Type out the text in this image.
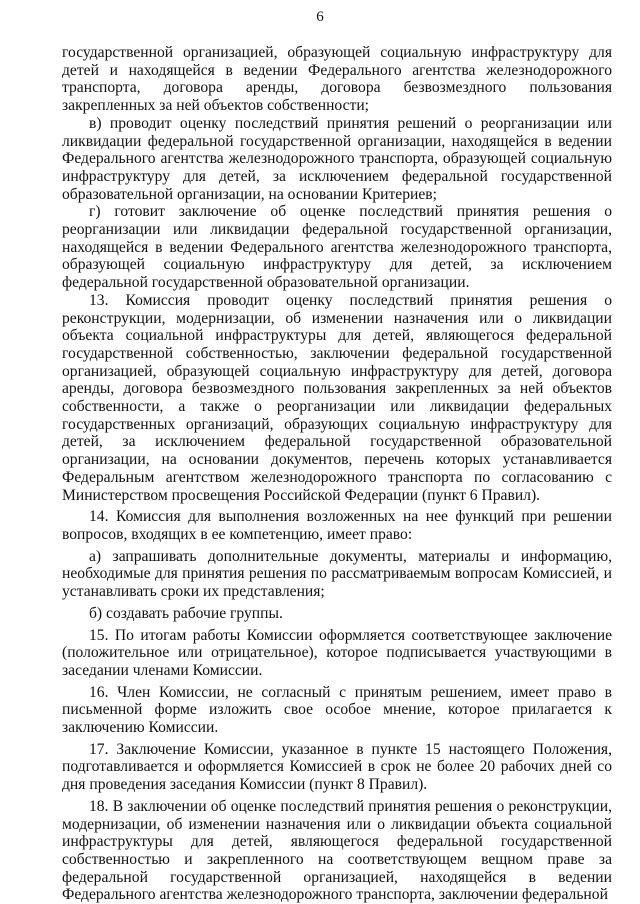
6

государственной организацией, образующей социальную инфраструктуру для детей и находящейся в ведении Федерального агентства железнодорожного транспорта, договора аренды, договора безвозмездного пользования закрепленных за ней объектов собственности;

в) проводит оценку последствий принятия решений о реорганизации или ликвидации федеральной государственной организации, находящейся в ведении Федерального агентства железнодорожного транспорта, образующей социальную инфраструктуру для детей, за исключением федеральной государственной образовательной организации, на основании Критериев;

г) готовит заключение об оценке последствий принятия решения о реорганизации или ликвидации федеральной государственной организации, находящейся в ведении Федерального агентства железнодорожного транспорта, образующей социальную инфраструктуру для детей, за исключением федеральной государственной образовательной организации.

13. Комиссия проводит оценку последствий принятия решения о реконструкции, модернизации, об изменении назначения или о ликвидации объекта социальной инфраструктуры для детей, являющегося федеральной государственной собственностью, заключении федеральной государственной организацией, образующей социальную инфраструктуру для детей, договора аренды, договора безвозмездного пользования закрепленных за ней объектов собственности, а также о реорганизации или ликвидации федеральных государственных организаций, образующих социальную инфраструктуру для детей, за исключением федеральной государственной образовательной организации, на основании документов, перечень которых устанавливается Федеральным агентством железнодорожного транспорта по согласованию с Министерством просвещения Российской Федерации (пункт 6 Правил).

14. Комиссия для выполнения возложенных на нее функций при решении вопросов, входящих в ее компетенцию, имеет право:

а) запрашивать дополнительные документы, материалы и информацию, необходимые для принятия решения по рассматриваемым вопросам Комиссией, и устанавливать сроки их представления;

б) создавать рабочие группы.

15. По итогам работы Комиссии оформляется соответствующее заключение (положительное или отрицательное), которое подписывается участвующими в заседании членами Комиссии.

16. Член Комиссии, не согласный с принятым решением, имеет право в письменной форме изложить свое особое мнение, которое прилагается к заключению Комиссии.

17. Заключение Комиссии, указанное в пункте 15 настоящего Положения, подготавливается и оформляется Комиссией в срок не более 20 рабочих дней со дня проведения заседания Комиссии (пункт 8 Правил).

18. В заключении об оценке последствий принятия решения о реконструкции, модернизации, об изменении назначения или о ликвидации объекта социальной инфраструктуры для детей, являющегося федеральной государственной собственностью и закрепленного на соответствующем вещном праве за федеральной государственной организацией, находящейся в ведении Федерального агентства железнодорожного транспорта, заключении федеральной
